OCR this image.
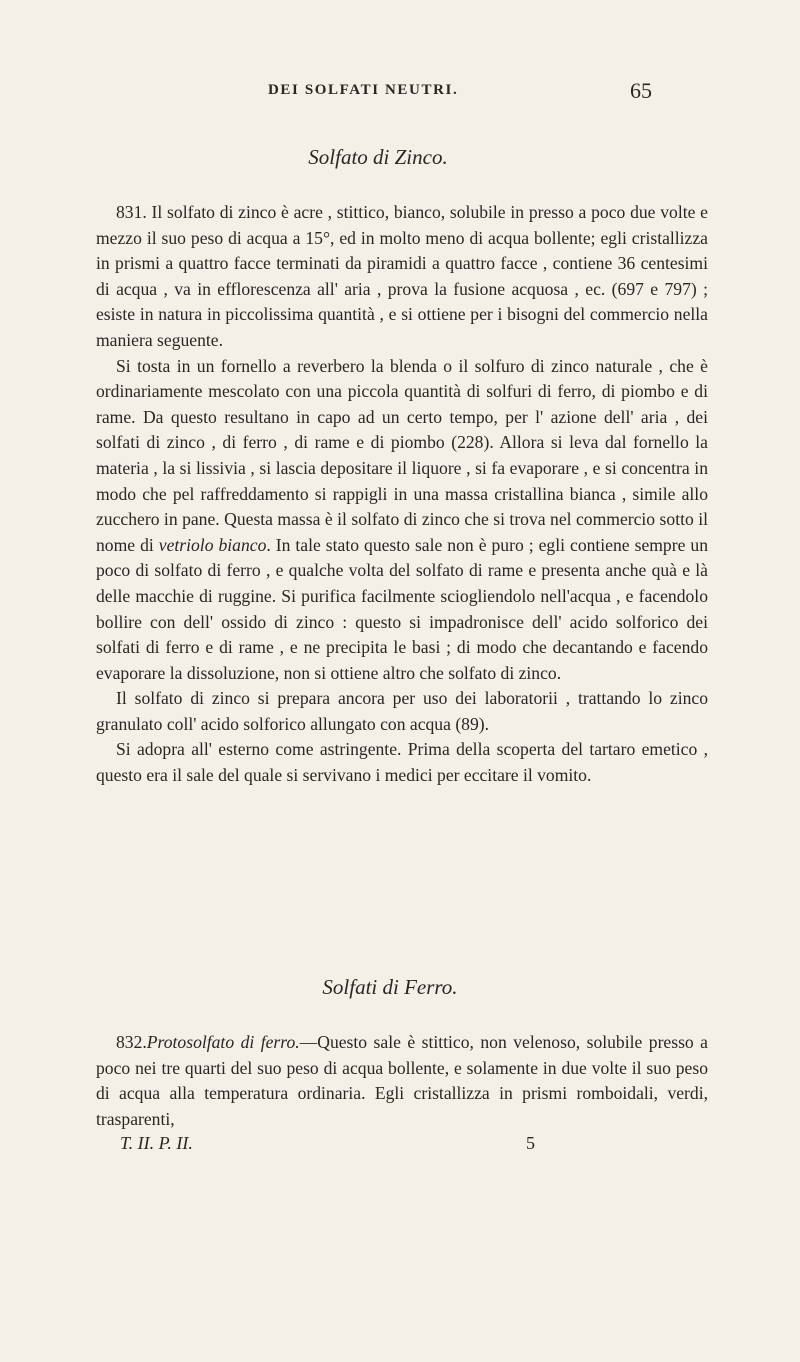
DEI SOLFATI NEUTRI.	65
Solfato di Zinco.

831. Il solfato di zinco è acre , stittico, bianco, solubile in presso a poco due volte e mezzo il suo peso di acqua a 15°, ed in molto meno di acqua bollente; egli cristallizza in prismi a quattro facce terminati da piramidi a quattro facce , contiene 36 centesimi di acqua , va in efflorescenza all' aria , prova la fusione acquosa , ec. (697 e 797) ; esiste in natura in piccolissima quantità , e si ottiene per i bisogni del commercio nella maniera seguente.

Si tosta in un fornello a reverbero la blenda o il solfuro di zinco naturale , che è ordinariamente mescolato con una piccola quantità di solfuri di ferro, di piombo e di rame. Da questo resultano in capo ad un certo tempo, per l' azione dell' aria , dei solfati di zinco , di ferro , di rame e di piombo (228). Allora si leva dal fornello la materia , la si lissivia , si lascia depositare il liquore , si fa evaporare , e si concentra in modo che pel raffreddamento si rappigli in una massa cristallina bianca , simile allo zucchero in pane. Questa massa è il solfato di zinco che si trova nel commercio sotto il nome di vetriolo bianco. In tale stato questo sale non è puro ; egli contiene sempre un poco di solfato di ferro , e qualche volta del solfato di rame e presenta anche quà e là delle macchie di ruggine. Si purifica facilmente sciogliendolo nell'acqua , e facendolo bollire con dell' ossido di zinco : questo si impadronisce dell' acido solforico dei solfati di ferro e di rame , e ne precipita le basi ; di modo che decantando e facendo evaporare la dissoluzione, non si ottiene altro che solfato di zinco.

Il solfato di zinco si prepara ancora per uso dei laboratorii , trattando lo zinco granulato coll' acido solforico allungato con acqua (89).

Si adopra all' esterno come astringente. Prima della scoperta del tartaro emetico , questo era il sale del quale si servivano i medici per eccitare il vomito.

Solfati di Ferro.

832.Protosolfato di ferro.—Questo sale è stittico, non velenoso, solubile presso a poco nei tre quarti del suo peso di acqua bollente, e solamente in due volte il suo peso di acqua alla temperatura ordinaria. Egli cristallizza in prismi romboidali, verdi, trasparenti,

T. II. P. II.	5
